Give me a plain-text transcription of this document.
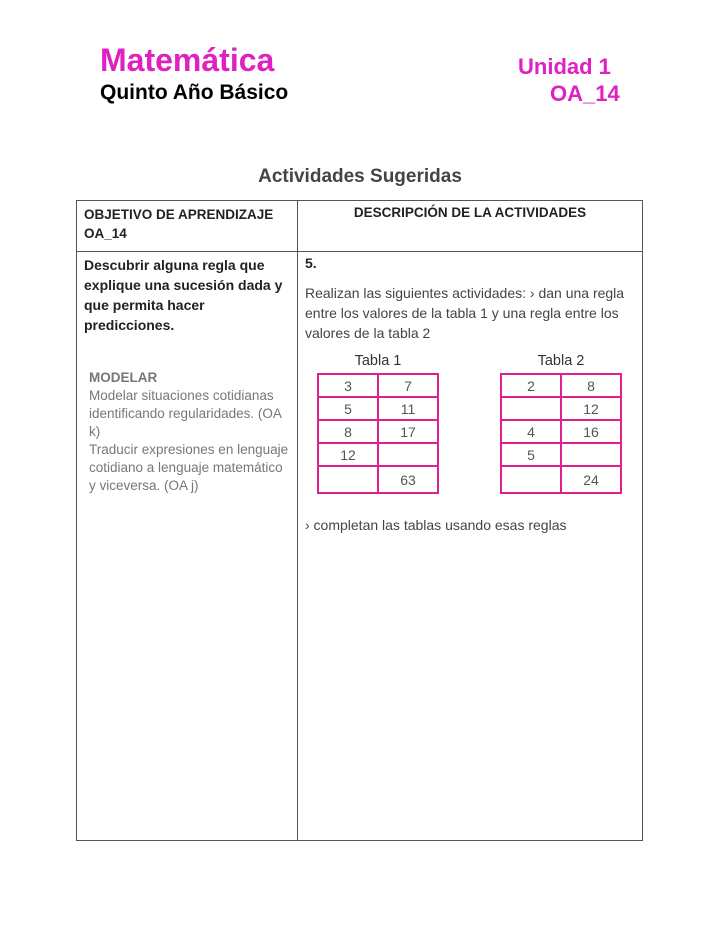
Matemática
Quinto Año Básico
Unidad 1
OA_14
Actividades Sugeridas
OBJETIVO DE APRENDIZAJE OA_14
DESCRIPCIÓN DE LA ACTIVIDADES
Descubrir alguna regla que explique una sucesión dada y que permita hacer predicciones.
MODELAR
Modelar situaciones cotidianas identificando regularidades. (OA k)
Traducir expresiones en lenguaje cotidiano a lenguaje matemático y viceversa. (OA j)
5.
Realizan las siguientes actividades: › dan una regla entre los valores de la tabla 1 y una regla entre los valores de la tabla 2
Tabla 1
3	7
5	11
8	17
12	
	63
Tabla 2
2	8
	12
4	16
5	
	24
› completan las tablas usando esas reglas
